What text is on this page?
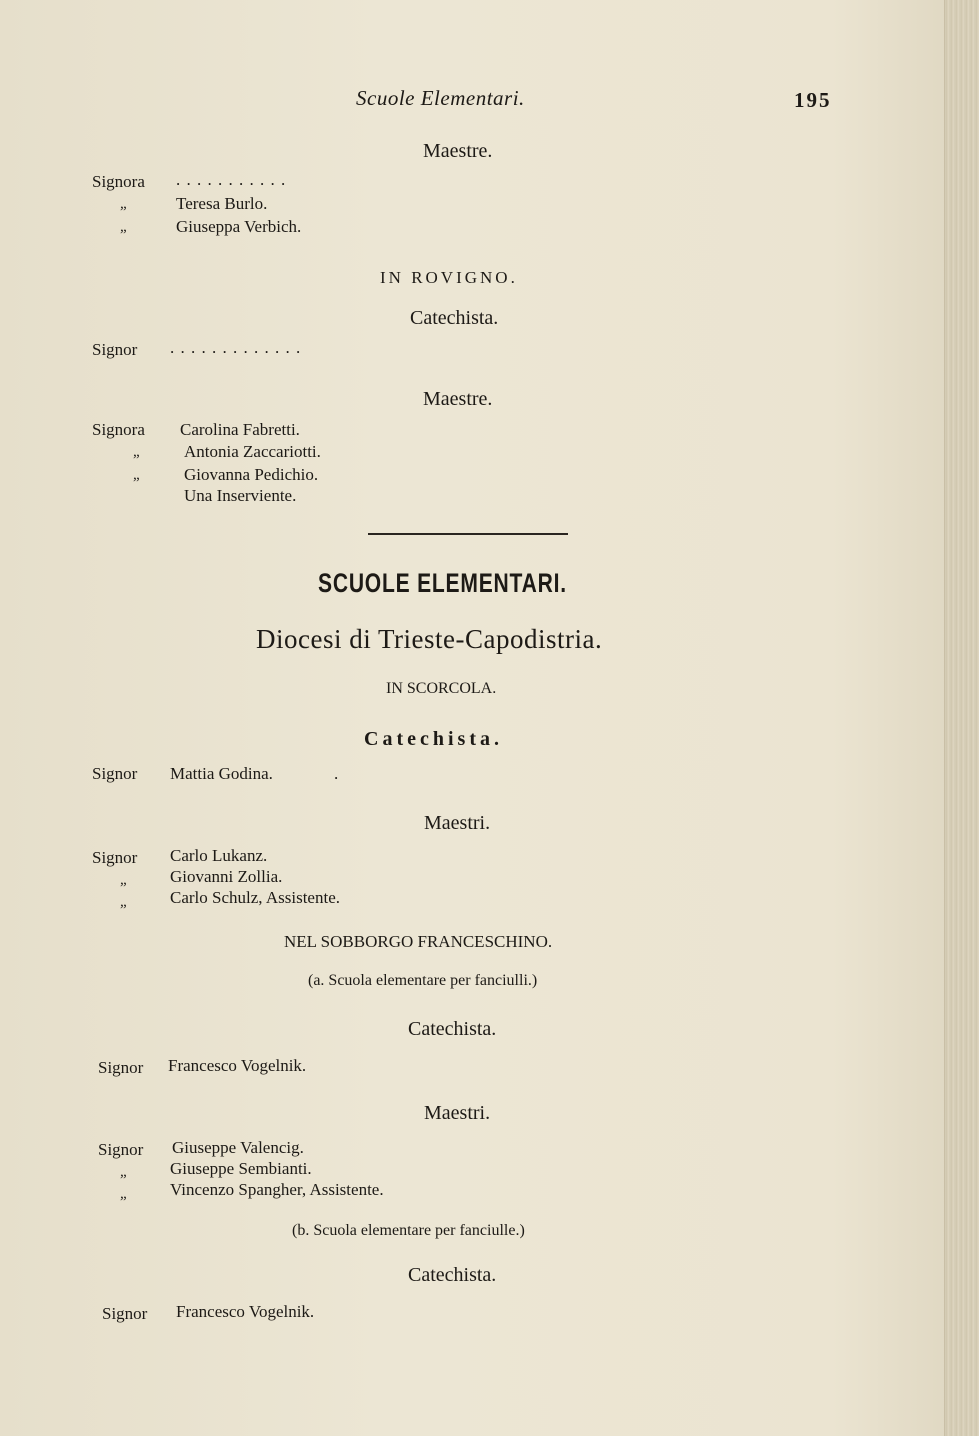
Scuole Elementari.	195
Maestre.
Signora . . . . . . . . . . .
„	Teresa Burlo.
„	Giuseppa Verbich.
IN ROVIGNO.
Catechista.
Signor . . . . . . . . . . . . .
Maestre.
Signora Carolina Fabretti.
„	Antonia Zaccariotti.
„	Giovanna Pedichio.
Una Inserviente.
SCUOLE ELEMENTARI.
Diocesi di Trieste-Capodistria.
IN SCORCOLA.
Catechista.
Signor Mattia Godina.	.
Maestri.
Signor Carlo Lukanz.
„	Giovanni Zollia.
„	Carlo Schulz, Assistente.
NEL SOBBORGO FRANCESCHINO.
(a. Scuola elementare per fanciulli.)
Catechista.
Signor Francesco Vogelnik.
Maestri.
Signor Giuseppe Valencig.
„	Giuseppe Sembianti.
„	Vincenzo Spangher, Assistente.
(b. Scuola elementare per fanciulle.)
Catechista.
Signor Francesco Vogelnik.
